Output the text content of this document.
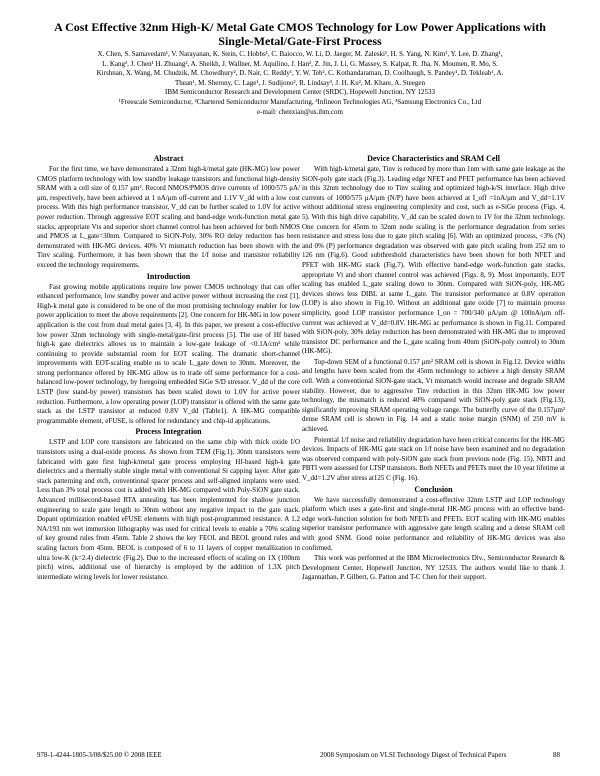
A Cost Effective 32nm High-K/ Metal Gate CMOS Technology for Low Power Applications with Single-Metal/Gate-First Process
X. Chen, S. Samavedam¹, V. Narayanan, K. Stein, C. Hobbs¹, C. Baiocco, W. Li, D. Jaeger, M. Zaleski¹, H. S. Yang, N. Kim¹, Y. Lee, D. Zhang¹,
L. Kang², J. Chen¹ H. Zhuang², A. Sheikh, J. Wallner, M. Aquilino, J. Han², Z. Jin, J. Li, G. Massey, S. Kalpat, R. Jha, N. Moumen, R. Mo, S.
Kirshnan, X. Wang, M. Chudzik, M. Chowdhury², D. Nair, C. Reddy¹, Y. W. Teh², C. Kothandaraman, D. Coolbaugh, S. Pandey¹, D. Tekleab¹, A.
Thean¹, M. Sherony, C. Lage¹, J. Sudijono², R. Lindsay³, J. H. Ku², M. Khare, A. Steegen
IBM Semiconductor Research and Development Center (SRDC), Hopewell Junction, NY 12533
¹Freescale Semiconductor, ²Chartered Semiconductor Manufacturing, ³Infineon Technologies AG, ⁴Samsung Electronics Co., Ltd
e-mail: chenxian@us.ibm.com
Abstract

For the first time, we have demonstrated a 32nm high-k/metal gate (HK-MG) low power CMOS platform technology with low standby leakage transistors and functional high-density SRAM with a cell size of 0.157 μm². Record NMOS/PMOS drive currents of 1000/575 μA/μm, respectively, have been achieved at 1 nA/μm off-current and 1.1V V_dd with a low cost process. With this high performance transistor, V_dd can be further scaled to 1.0V for active power reduction. Through aggressive EOT scaling and band-edge work-function metal gate stacks, appropriate Vts and superior short channel control has been achieved for both NMOS and PMOS at L_gate=30nm. Compared to SiON-Poly, 30% RO delay reduction has been demonstrated with HK-MG devices. 40% Vt mismatch reduction has been shown with the Tinv scaling. Furthermore, it has been shown that the 1/f noise and transistor reliability exceed the technology requirements.

Introduction

Fast growing mobile applications require low power CMOS technology that can offer enhanced performance, low standby power and active power without increasing the cost [1]. High-k metal gate is considered to be one of the most promising technology enabler for low power application to meet the above requirements [2]. One concern for HK-MG in low power application is the cost from dual metal gates [3, 4]. In this paper, we present a cost-effective low power 32nm technology with single-metal/gate-first process [5]. The use of Hf based high-k gate dielectrics allows us to maintain a low-gate leakage of <0.1A/cm² while continuing to provide substantial room for EOT scaling. The dramatic short-channel improvements with EOT-scaling enable us to scale L_gate down to 30nm. Moreover, the strong performance offered by HK-MG allow us to trade off some performance for a cost-balanced low-power technology, by foregoing embedded SiGe S/D stressor. V_dd of the core LSTP (low stand-by power) transistors has been scaled down to 1.0V for active power reduction. Furthermore, a low operating power (LOP) transistor is offered with the same gate stack as the LSTP transistor at reduced 0.8V V_dd (Table1). A HK-MG compatible programmable element, eFUSE, is offered for redundancy and chip-id applications.

Process Integration

LSTP and LOP core transistors are fabricated on the same chip with thick oxide I/O transistors using a dual-oxide process. As shown from TEM (Fig.1), 30nm transistors were fabricated with gate first high-k/metal gate process employing Hf-based high-k gate dielectrics and a thermally stable single metal with conventional Si capping layer. After gate stack patterning and etch, conventional spacer process and self-aligned implants were used. Less than 3% total process cost is added with HK-MG compared with Poly-SiON gate stack. Advanced millisecond-based RTA annealing has been implemented for shallow junction engineering to scale gate length to 30nm without any negative impact to the gate stack. Dopant optimization enabled eFUSE elements with high post-programmed resistance. A 1.2 NA/193 nm wet immersion lithography was used for critical levels to enable a 70% scaling of key ground rules from 45nm. Table 2 shows the key FEOL and BEOL ground rules and scaling factors from 45nm. BEOL is composed of 6 to 11 layers of copper metallization in ultra low-K (k=2.4) dielectric (Fig.2). Due to the increased effects of scaling on 1X (100nm pitch) wires, additional use of hierarchy is employed by the addition of 1.3X pitch intermediate wiring levels for lower resistance.

Device Characteristics and SRAM Cell

With high-k/metal gate, Tinv is reduced by more than 1nm with same gate leakage as the SiON-poly gate stack (Fig.3). Leading edge NFET and PFET performance has been achieved in this 32nm technology due to Tinv scaling and optimized high-k/Si interface. High drive currents of 1000/575 μA/μm (N/P) have been achieved at I_off =1nA/μm and V_dd=1.1V without additional stress engineering complexity and cost, such as e-SiGe process (Figs. 4, 5). With this high drive capability, V_dd can be scaled down to 1V for the 32nm technology. One concern for 45nm to 32nm node scaling is the performance degradation from series resistance and stress loss due to gate pitch scaling [6]. With an optimized process, <3% (N) and 0% (P) performance degradation was observed with gate pitch scaling from 252 nm to 126 nm (Fig.6). Good subthreshold characteristics have been shown for both NFET and PFET with HK-MG stack (Fig.7). With effective band-edge work-function gate stacks, appropriate Vt and short channel control was achieved (Figs. 8, 9). Most importantly, EOT scaling has enabled L_gate scaling down to 30nm. Compared with SiON-poly, HK-MG devices shows less DIBL at same L_gate. The transistor performance at 0.8V operation (LOP) is also shown in Fig.10. Without an additional gate oxide [7] to maintain process simplicity, good LOP transistor performance I_on = 700/340 μA/μm @ 100nA/μm off-current was achieved at V_dd=0.8V. HK-MG ac performance is shown in Fig.11. Compared with SiON-poly, 30% delay reduction has been demonstrated with HK-MG due to improved transistor DC performance and the L_gate scaling from 40nm (SiON-poly control) to 30nm (HK-MG).

Top-down SEM of a functional 0.157 μm² SRAM cell is shown in Fig.12. Device widths and lengths have been scaled from the 45nm technology to achieve a high density SRAM cell. With a conventional SiON-gate stack, Vt mismatch would increase and degrade SRAM stability. However, due to aggressive Tinv reduction in this 32nm HK-MG low power technology, the mismatch is reduced 40% compared with SiON-poly gate stack (Fig.13), significantly improving SRAM operating voltage range. The butterfly curve of the 0.157μm² dense SRAM cell is shown in Fig. 14 and a static noise margin (SNM) of 250 mV is achieved.

Potential 1/f noise and reliability degradation have been critical concerns for the HK-MG devices. Impacts of HK-MG gate stack on 1/f noise have been examined and no degradation was observed compared with poly-SiON gate stack from previous node (Fig. 15). NBTI and PBTI were assessed for LTSP transistors. Both NFETs and PFETs meet the 10 year lifetime at V_dd=1.2V after stress at125 C (Fig. 16).

Conclusion

We have successfully demonstrated a cost-effective 32nm LSTP and LOP technology platform which uses a gate-first and single-metal HK-MG process with an effective band-edge work-function solution for both NFETs and PFETs. EOT scaling with HK-MG enables superior transistor performance with aggressive gate length scaling and a dense SRAM cell with good SNM. Good noise performance and reliability of HK-MG devices was also confirmed.

This work was performed at the IBM Microelectronics Div., Semiconductor Research & Development Center, Hopewell Junction, NY 12533. The authors would like to thank J. Jagannathan, P. Gilbert, G. Patton and T-C Chen for their support.

978-1-4244-1805-3/08/$25.00 © 2008 IEEE	2008 Symposium on VLSI Technology Digest of Technical Papers	88
